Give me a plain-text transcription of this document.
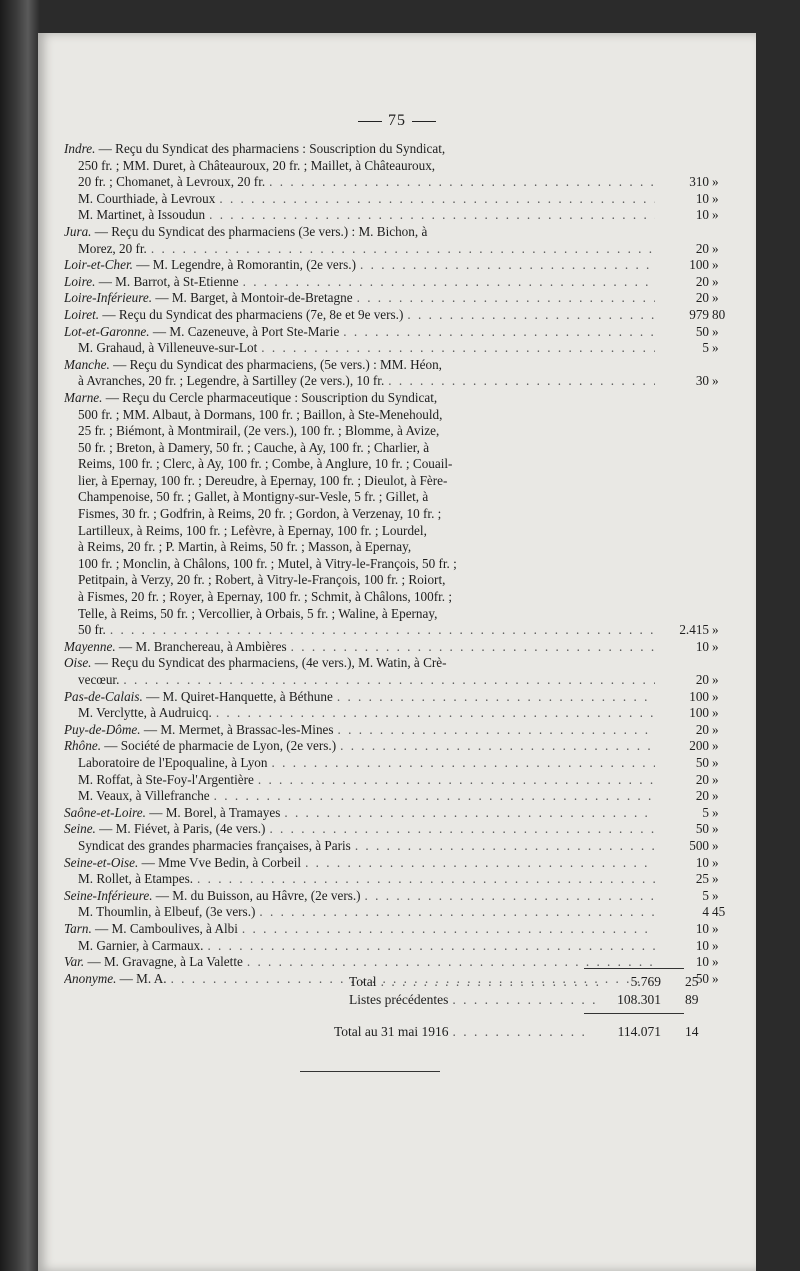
75
Indre.
— Reçu du Syndicat des pharmaciens : Souscription du Syndicat,
250 fr. ; MM. Duret, à Châteauroux, 20 fr. ; Maillet, à Châteauroux,
20 fr. ; Chomanet, à Levroux, 20 fr. . . .	310 »
M. Courthiade, à Levroux . . .	10 »
M. Martinet, à Issoudun . . .	10 »
Jura.
— Reçu du Syndicat des pharmaciens (3e vers.) : M. Bichon, à
Morez, 20 fr. . . .	20 »
Loir-et-Cher.
— M. Legendre, à Romorantin, (2e vers.) . . .	100 »
Loire.
— M. Barrot, à St-Etienne . . .	20 »
Loire-Inférieure.
— M. Barget, à Montoir-de-Bretagne . . .	20 »
Loiret.
— Reçu du Syndicat des pharmaciens (7e, 8e et 9e vers.) . . .	979 80
Lot-et-Garonne.
— M. Cazeneuve, à Port Ste-Marie . . .	50 »
M. Grahaud, à Villeneuve-sur-Lot . . .	5 »
Manche.
— Reçu du Syndicat des pharmaciens, (5e vers.) : MM. Héon,
à Avranches, 20 fr. ; Legendre, à Sartilley (2e vers.), 10 fr. . . .	30 »
Marne.
— Reçu du Cercle pharmaceutique : Souscription du Syndicat,
500 fr. ; MM. Albaut, à Dormans, 100 fr. ; Baillon, à Ste-Menehould,
25 fr. ; Biémont, à Montmirail, (2e vers.), 100 fr. ; Blomme, à Avize,
50 fr. ; Breton, à Damery, 50 fr. ; Cauche, à Ay, 100 fr. ; Charlier, à
Reims, 100 fr. ; Clerc, à Ay, 100 fr. ; Combe, à Anglure, 10 fr. ; Couail-
lier, à Epernay, 100 fr. ; Dereudre, à Epernay, 100 fr. ; Dieulot, à Fère-
Champenoise, 50 fr. ; Gallet, à Montigny-sur-Vesle, 5 fr. ; Gillet, à
Fismes, 30 fr. ; Godfrin, à Reims, 20 fr. ; Gordon, à Verzenay, 10 fr. ;
Lartilleux, à Reims, 100 fr. ; Lefèvre, à Epernay, 100 fr. ; Lourdel,
à Reims, 20 fr. ; P. Martin, à Reims, 50 fr. ; Masson, à Epernay,
100 fr. ; Monclin, à Châlons, 100 fr. ; Mutel, à Vitry-le-François, 50 fr. ;
Petitpain, à Verzy, 20 fr. ; Robert, à Vitry-le-François, 100 fr. ; Roiort,
à Fismes, 20 fr. ; Royer, à Epernay, 100 fr. ; Schmit, à Châlons, 100fr. ;
Telle, à Reims, 50 fr. ; Vercollier, à Orbais, 5 fr. ; Waline, à Epernay,
50 fr. . . .	2.415 »
Mayenne.
— M. Branchereau, à Ambières . . .	10 »
Oise.
— Reçu du Syndicat des pharmaciens, (4e vers.), M. Watin, à Crè-
vecœur. . . .	20 »
Pas-de-Calais.
— M. Quiret-Hanquette, à Béthune . . .	100 »
M. Verclytte, à Audruicq. . . .	100 »
Puy-de-Dôme.
— M. Mermet, à Brassac-les-Mines . . .	20 »
Rhône.
— Société de pharmacie de Lyon, (2e vers.) . . .	200 »
Laboratoire de l'Epoqualine, à Lyon . . .	50 »
M. Roffat, à Ste-Foy-l'Argentière . . .	20 »
M. Veaux, à Villefranche . . .	20 »
Saône-et-Loire.
— M. Borel, à Tramayes . . .	5 »
Seine.
— M. Fiévet, à Paris, (4e vers.) . . .	50 »
Syndicat des grandes pharmacies françaises, à Paris . . .	500 »
Seine-et-Oise.
— Mme Vve Bedin, à Corbeil . . .	10 »
M. Rollet, à Etampes. . . .	25 »
Seine-Inférieure.
— M. du Buisson, au Hâvre, (2e vers.) . . .	5 »
M. Thoumlin, à Elbeuf, (3e vers.) . . .	4 45
Tarn.
— M. Camboulives, à Albi . . .	10 »
M. Garnier, à Carmaux. . . .	10 »
Var.
— M. Gravagne, à La Valette . . .	10 »
Anonyme.
— M. A. . . .	50 »
Total . . .	5.769 25
Listes précédentes . . .	108.301 89
Total au 31 mai 1916 . . .	114.071 14
